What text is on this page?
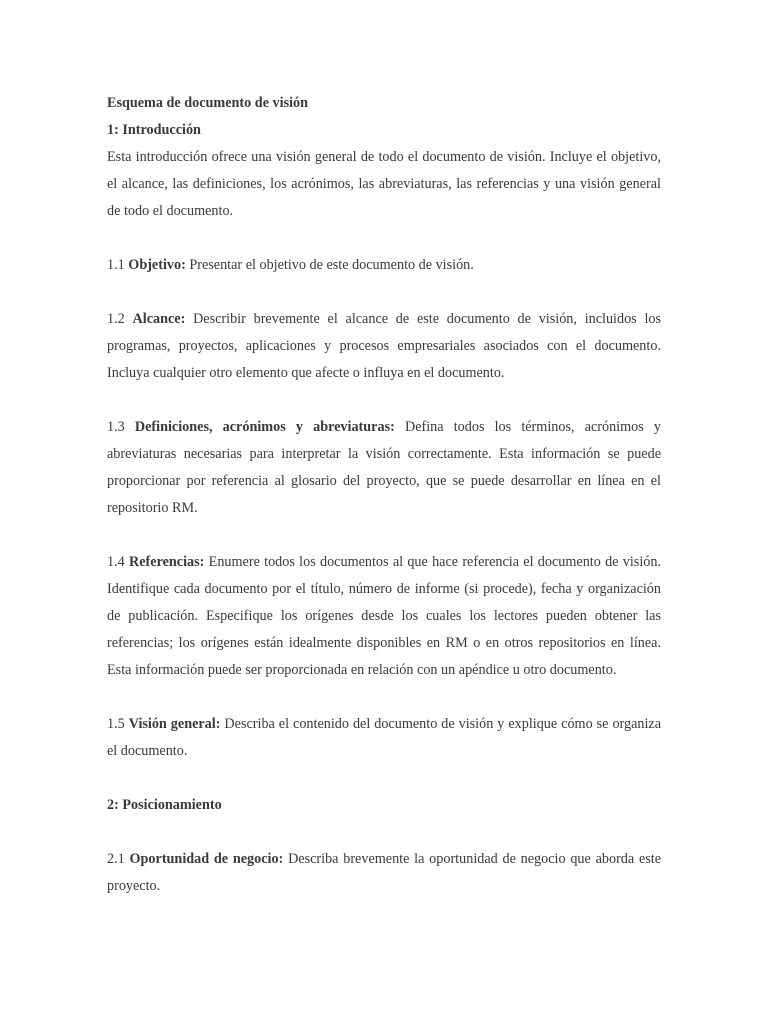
Esquema de documento de visión

1: Introducción

Esta introducción ofrece una visión general de todo el documento de visión. Incluye el objetivo, el alcance, las definiciones, los acrónimos, las abreviaturas, las referencias y una visión general de todo el documento.

1.1 Objetivo: Presentar el objetivo de este documento de visión.

1.2 Alcance: Describir brevemente el alcance de este documento de visión, incluidos los programas, proyectos, aplicaciones y procesos empresariales asociados con el documento. Incluya cualquier otro elemento que afecte o influya en el documento.

1.3 Definiciones, acrónimos y abreviaturas: Defina todos los términos, acrónimos y abreviaturas necesarias para interpretar la visión correctamente. Esta información se puede proporcionar por referencia al glosario del proyecto, que se puede desarrollar en línea en el repositorio RM.

1.4 Referencias: Enumere todos los documentos al que hace referencia el documento de visión. Identifique cada documento por el título, número de informe (si procede), fecha y organización de publicación. Especifique los orígenes desde los cuales los lectores pueden obtener las referencias; los orígenes están idealmente disponibles en RM o en otros repositorios en línea. Esta información puede ser proporcionada en relación con un apéndice u otro documento.

1.5 Visión general: Describa el contenido del documento de visión y explique cómo se organiza el documento.

2: Posicionamiento

2.1 Oportunidad de negocio: Describa brevemente la oportunidad de negocio que aborda este proyecto.
